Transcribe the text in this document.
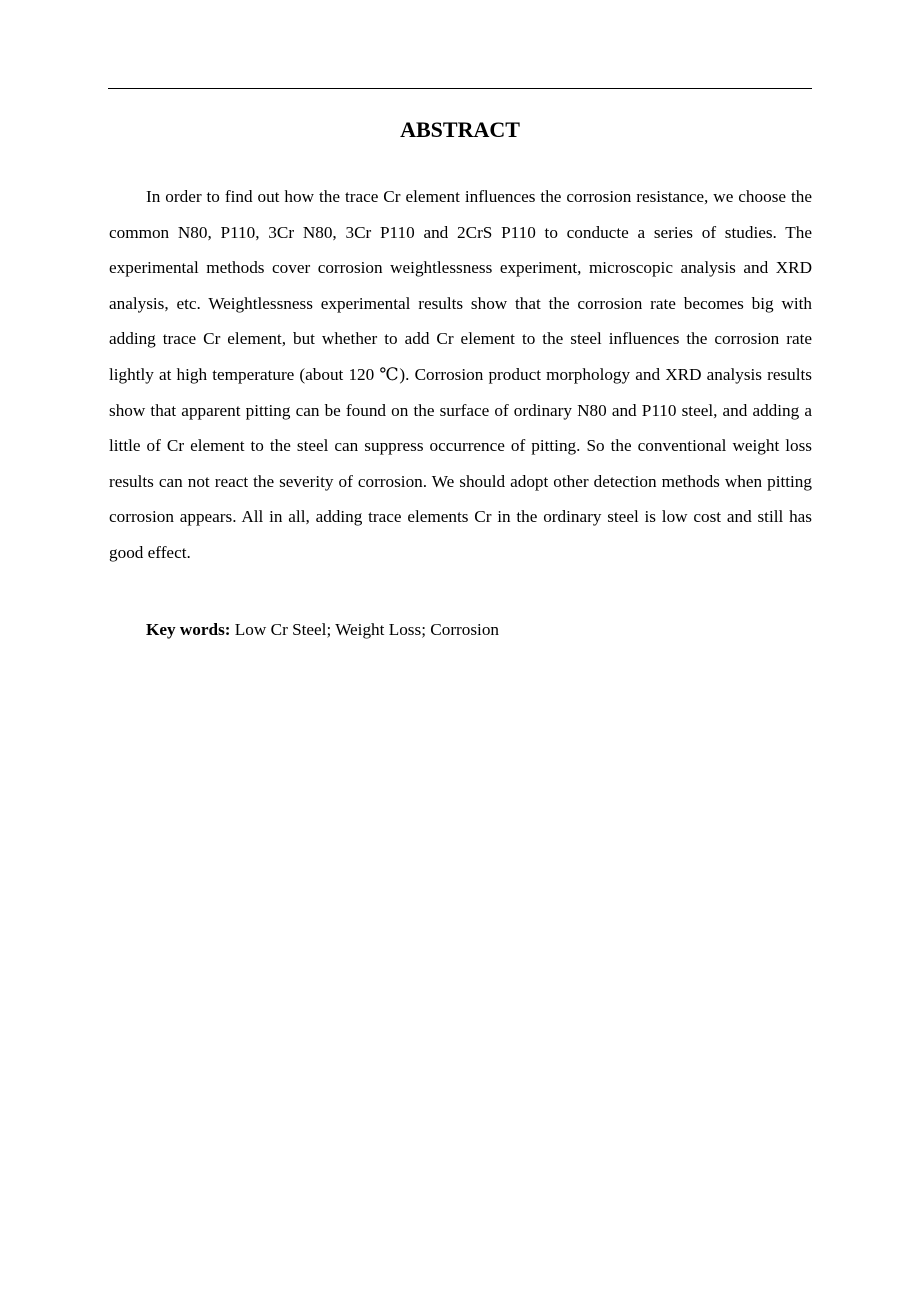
ABSTRACT

In order to find out how the trace Cr element influences the corrosion resistance, we choose the common N80, P110, 3Cr N80, 3Cr P110 and 2CrS P110 to conducte a series of studies. The experimental methods cover corrosion weightlessness experiment, microscopic analysis and XRD analysis, etc. Weightlessness experimental results show that the corrosion rate becomes big with adding trace Cr element, but whether to add Cr element to the steel influences the corrosion rate lightly at high temperature (about 120 ℃). Corrosion product morphology and XRD analysis results show that apparent pitting can be found on the surface of ordinary N80 and P110 steel, and adding a little of Cr element to the steel can suppress occurrence of pitting. So the conventional weight loss results can not react the severity of corrosion. We should adopt other detection methods when pitting corrosion appears. All in all, adding trace elements Cr in the ordinary steel is low cost and still has good effect.

Key words: Low Cr Steel; Weight Loss; Corrosion
